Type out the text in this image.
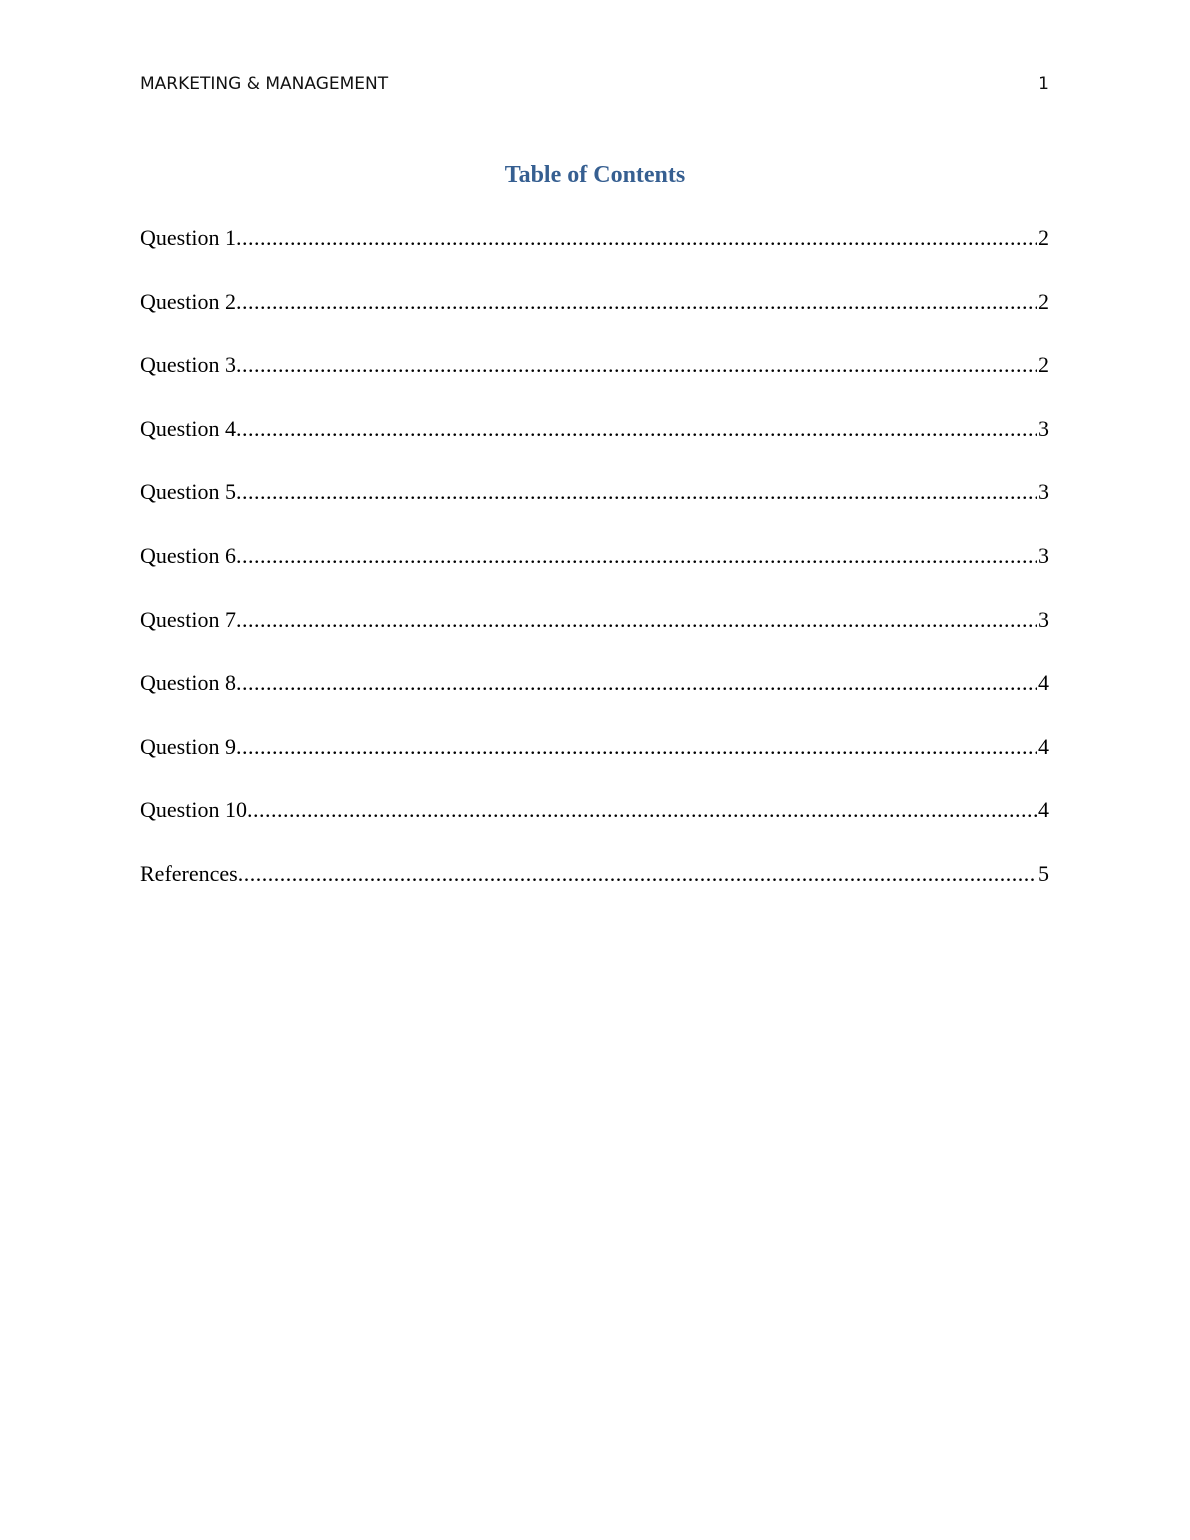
MARKETING & MANAGEMENT	1
Table of Contents
Question 1 .....	2
Question 2 .....	2
Question 3 .....	2
Question 4 .....	3
Question 5 .....	3
Question 6 .....	3
Question 7 .....	3
Question 8 .....	4
Question 9 .....	4
Question 10 .....	4
References .....	5
